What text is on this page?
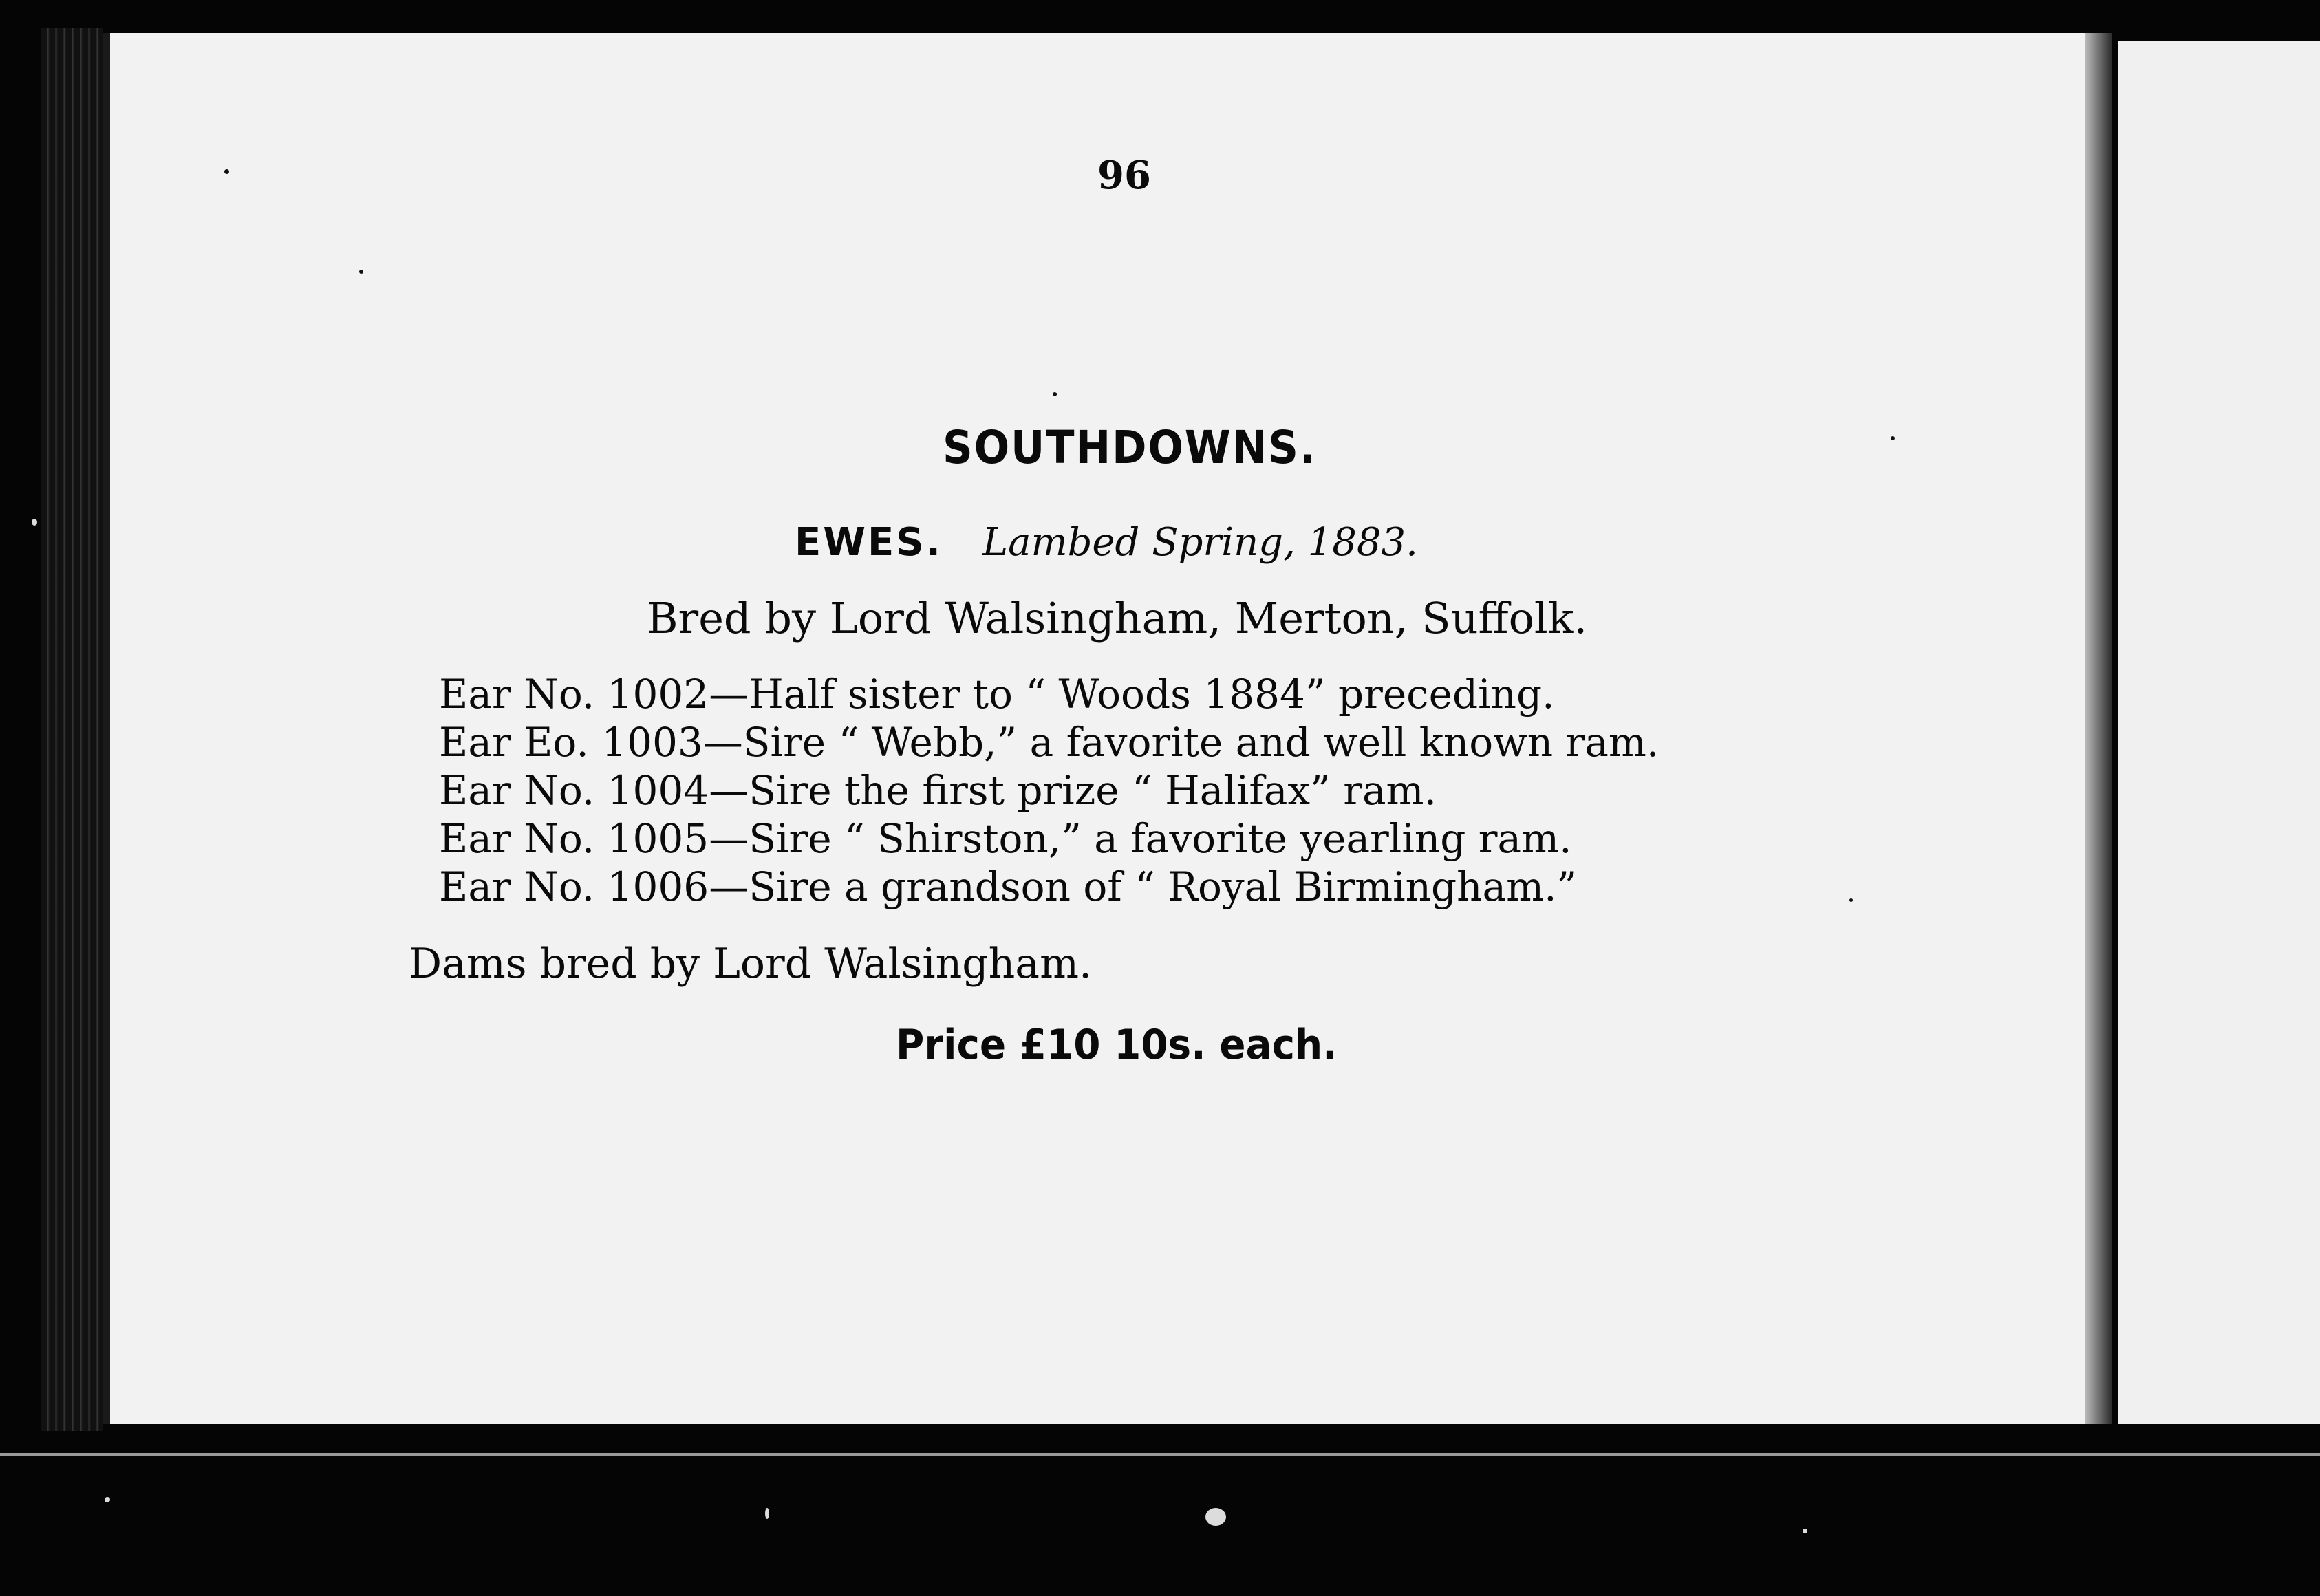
96
SOUTHDOWNS.
EWES. Lambed Spring, 1883.
Bred by Lord Walsingham, Merton, Suffolk.
Ear No. 1002—Half sister to “ Woods 1884” preceding.
Ear Eo. 1003—Sire “ Webb,” a favorite and well known ram.
Ear No. 1004—Sire the first prize “ Halifax” ram.
Ear No. 1005—Sire “ Shirston,” a favorite yearling ram.
Ear No. 1006—Sire a grandson of “ Royal Birmingham.”
Dams bred by Lord Walsingham.
Price £10 10s. each.
